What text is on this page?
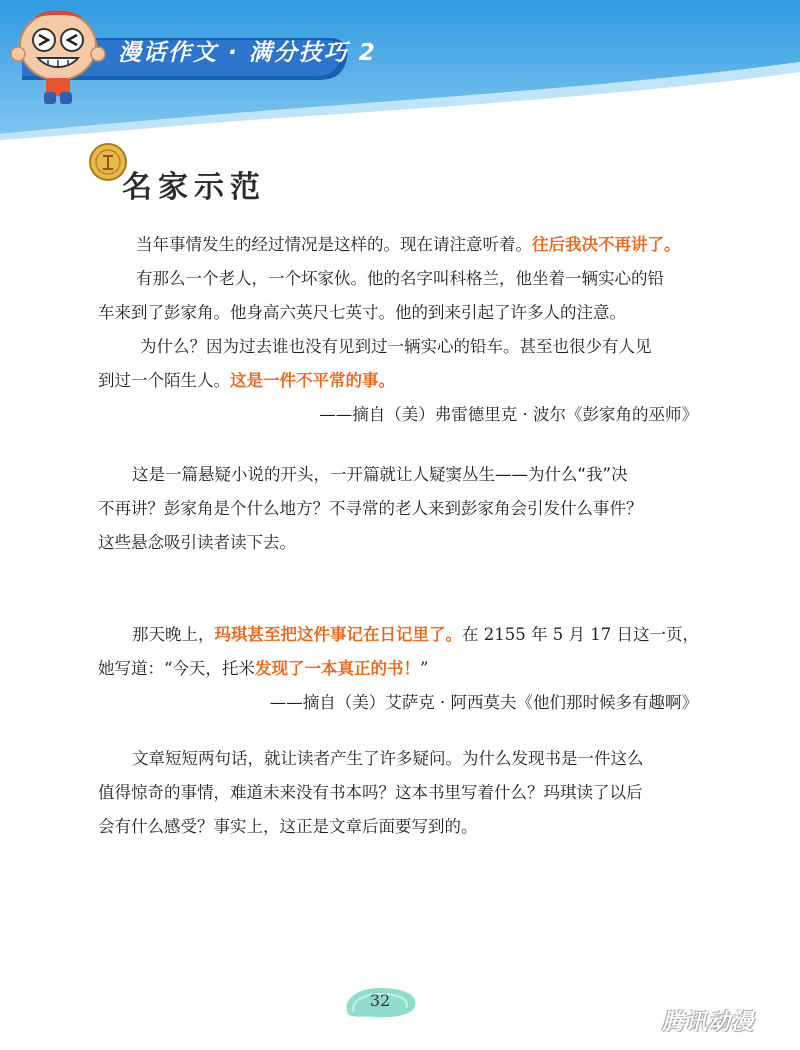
漫话作文 · 满分技巧 2
名家示范
当年事情发生的经过情况是这样的。现在请注意听着。往后我决不再讲了。
有那么一个老人，一个坏家伙。他的名字叫科格兰，他坐着一辆实心的铅
车来到了彭家角。他身高六英尺七英寸。他的到来引起了许多人的注意。
为什么？因为过去谁也没有见到过一辆实心的铅车。甚至也很少有人见
到过一个陌生人。这是一件不平常的事。
——摘自（美）弗雷德里克 · 波尔《彭家角的巫师》
这是一篇悬疑小说的开头，一开篇就让人疑窦丛生——为什么“我”决
不再讲？彭家角是个什么地方？不寻常的老人来到彭家角会引发什么事件？
这些悬念吸引读者读下去。
那天晚上，玛琪甚至把这件事记在日记里了。在 2155 年 5 月 17 日这一页，
她写道：“今天，托米发现了一本真正的书！”
——摘自（美）艾萨克 · 阿西莫夫《他们那时候多有趣啊》
文章短短两句话，就让读者产生了许多疑问。为什么发现书是一件这么
值得惊奇的事情，难道未来没有书本吗？这本书里写着什么？玛琪读了以后
会有什么感受？事实上，这正是文章后面要写到的。
32
腾讯动漫
